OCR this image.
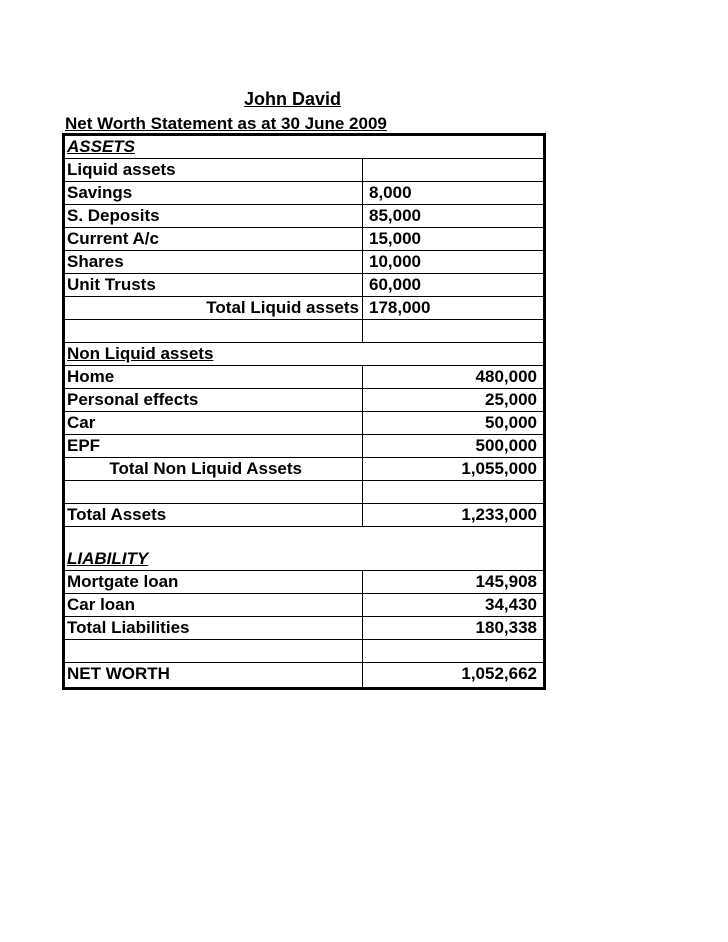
John David
Net Worth Statement as at 30 June 2009
ASSETS
Liquid assets
Savings	8,000
S. Deposits	85,000
Current A/c	15,000
Shares	10,000
Unit Trusts	60,000
Total Liquid assets 178,000
Non Liquid assets
Home	480,000
Personal effects	25,000
Car	50,000
EPF	500,000
Total Non Liquid Assets	1,055,000
Total Assets	1,233,000
LIABILITY
Mortgate loan	145,908
Car loan	34,430
Total Liabilities	180,338
NET WORTH	1,052,662
